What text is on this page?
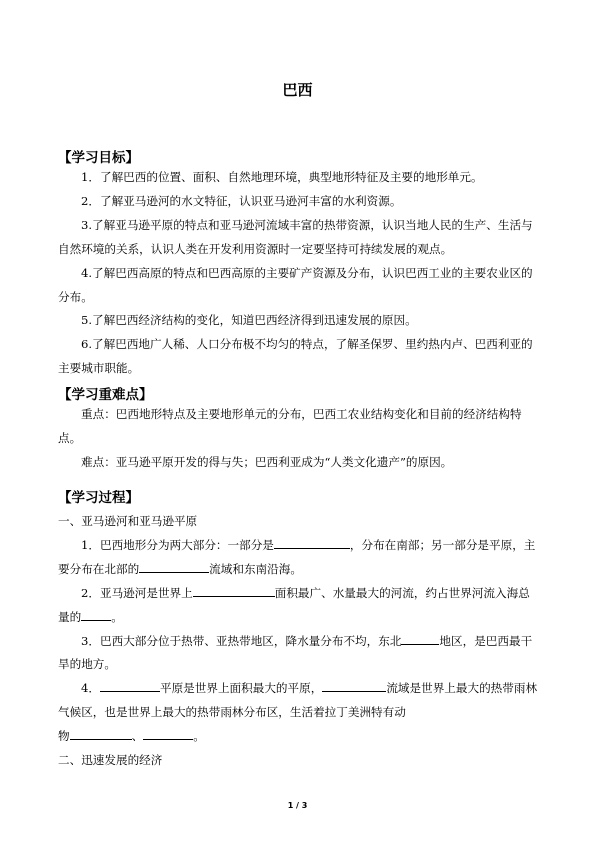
巴西
【学习目标】

1．了解巴西的位置、面积、自然地理环境，典型地形特征及主要的地形单元。

2．了解亚马逊河的水文特征，认识亚马逊河丰富的水利资源。

3.了解亚马逊平原的特点和亚马逊河流域丰富的热带资源，认识当地人民的生产、生活与自然环境的关系，认识人类在开发利用资源时一定要坚持可持续发展的观点。

4.了解巴西高原的特点和巴西高原的主要矿产资源及分布，认识巴西工业的主要农业区的分布。

5.了解巴西经济结构的变化，知道巴西经济得到迅速发展的原因。

6.了解巴西地广人稀、人口分布极不均匀的特点，了解圣保罗、里约热内卢、巴西利亚的主要城市职能。

【学习重难点】

重点：巴西地形特点及主要地形单元的分布，巴西工农业结构变化和目前的经济结构特点。

难点：亚马逊平原开发的得与失；巴西利亚成为“人类文化遗产”的原因。

【学习过程】

一、亚马逊河和亚马逊平原

1．巴西地形分为两大部分：一部分是	，分布在南部；另一部分是平原，主要分布在北部的	流域和东南沿海。

2．亚马逊河是世界上	面积最广、水量最大的河流，约占世界河流入海总量的	。

3．巴西大部分位于热带、亚热带地区，降水量分布不均，东北	地区，是巴西最干旱的地方。

4．	平原是世界上面积最大的平原，	流域是世界上最大的热带雨林气候区，也是世界上最大的热带雨林分布区，生活着拉丁美洲特有动

物	、	。

二、迅速发展的经济

1 / 3
